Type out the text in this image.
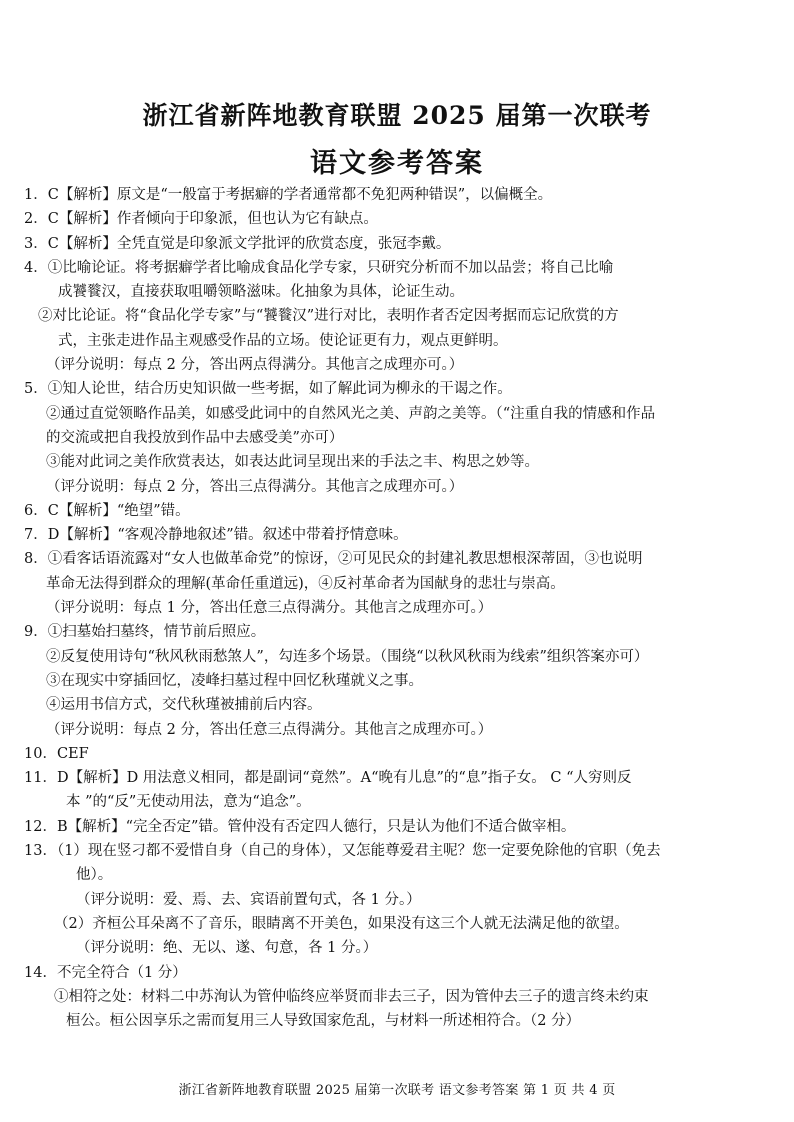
浙江省新阵地教育联盟 2025 届第一次联考
语文参考答案
1．C【解析】原文是“一般富于考据癖的学者通常都不免犯两种错误”，以偏概全。
2．C【解析】作者倾向于印象派，但也认为它有缺点。
3．C【解析】全凭直觉是印象派文学批评的欣赏态度，张冠李戴。
4．①比喻论证。将考据癖学者比喻成食品化学专家，只研究分析而不加以品尝；将自己比喻
成饕餮汉，直接获取咀嚼领略滋味。化抽象为具体，论证生动。
②对比论证。将“食品化学专家”与“饕餮汉”进行对比，表明作者否定因考据而忘记欣赏的方
式，主张走进作品主观感受作品的立场。使论证更有力，观点更鲜明。
（评分说明：每点 2 分，答出两点得满分。其他言之成理亦可。）
5．①知人论世，结合历史知识做一些考据，如了解此词为柳永的干谒之作。
②通过直觉领略作品美，如感受此词中的自然风光之美、声韵之美等。（“注重自我的情感和作品
的交流或把自我投放到作品中去感受美”亦可）
③能对此词之美作欣赏表达，如表达此词呈现出来的手法之丰、构思之妙等。
（评分说明：每点 2 分，答出三点得满分。其他言之成理亦可。）
6．C【解析】“绝望”错。
7．D【解析】“客观冷静地叙述”错。叙述中带着抒情意味。
8．①看客话语流露对“女人也做革命党”的惊讶，②可见民众的封建礼教思想根深蒂固，③也说明
革命无法得到群众的理解(革命任重道远)，④反衬革命者为国献身的悲壮与崇高。
（评分说明：每点 1 分，答出任意三点得满分。其他言之成理亦可。）
9．①扫墓始扫墓终，情节前后照应。
②反复使用诗句“秋风秋雨愁煞人”，勾连多个场景。（围绕“以秋风秋雨为线索”组织答案亦可）
③在现实中穿插回忆，凌峰扫墓过程中回忆秋瑾就义之事。
④运用书信方式，交代秋瑾被捕前后内容。
（评分说明：每点 2 分，答出任意三点得满分。其他言之成理亦可。）
10．CEF
11．D【解析】D 用法意义相同，都是副词“竟然”。A“晚有儿息”的“息”指子女。 C “人穷则反
本 ”的“反”无使动用法，意为“追念”。
12．B【解析】“完全否定”错。管仲没有否定四人德行，只是认为他们不适合做宰相。
13．（1）现在竖刁都不爱惜自身（自己的身体），又怎能尊爱君主呢？您一定要免除他的官职（免去
他）。
（评分说明：爱、焉、去、宾语前置句式，各 1 分。）
（2）齐桓公耳朵离不了音乐，眼睛离不开美色，如果没有这三个人就无法满足他的欲望。
（评分说明：绝、无以、遂、句意，各 1 分。）
14．不完全符合（1 分）
①相符之处：材料二中苏洵认为管仲临终应举贤而非去三子，因为管仲去三子的遗言终未约束
桓公。桓公因享乐之需而复用三人导致国家危乱，与材料一所述相符合。（2 分）
浙江省新阵地教育联盟 2025 届第一次联考 语文参考答案 第 1 页 共 4 页
